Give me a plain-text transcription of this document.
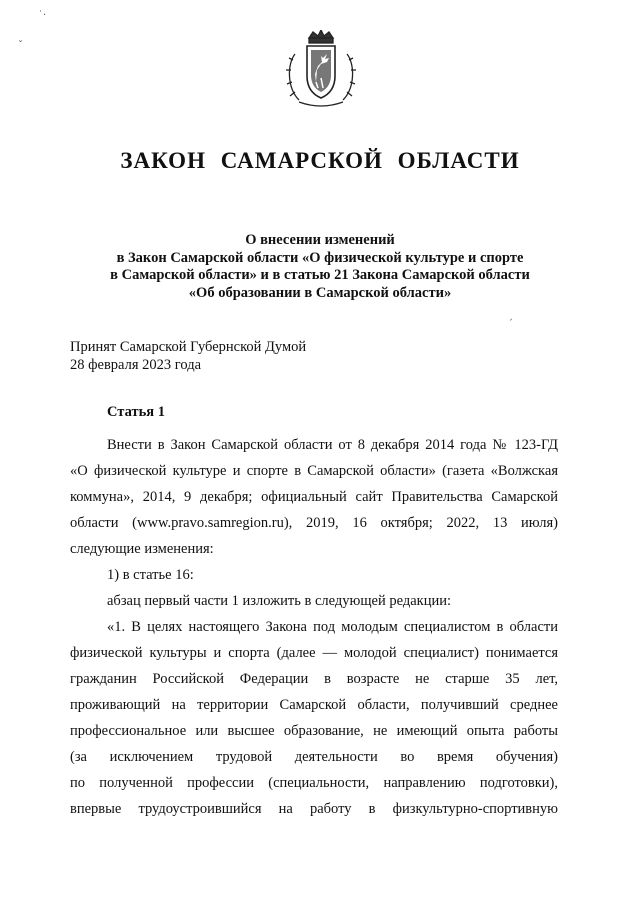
ЗАКОН САМАРСКОЙ ОБЛАСТИ
О внесении изменений
в Закон Самарской области «О физической культуре и спорте
в Самарской области» и в статью 21 Закона Самарской области
«Об образовании в Самарской области»
Принят Самарской Губернской Думой
28 февраля 2023 года
Статья 1

Внести в Закон Самарской области от 8 декабря 2014 года № 123-ГД
«О физической культуре и спорте в Самарской области» (газета «Волжская
коммуна», 2014, 9 декабря; официальный сайт Правительства Самарской
области (www.pravo.samregion.ru), 2019, 16 октября; 2022, 13 июля)
следующие изменения:

1) в статье 16:

абзац первый части 1 изложить в следующей редакции:

«1. В целях настоящего Закона под молодым специалистом в области
физической культуры и спорта (далее — молодой специалист) понимается
гражданин Российской Федерации в возрасте не старше 35 лет,
проживающий на территории Самарской области, получивший среднее
профессиональное или высшее образование, не имеющий опыта работы
(за исключением трудовой деятельности во время обучения)
по полученной профессии (специальности, направлению подготовки),
впервые трудоустроившийся на работу в физкультурно-спортивную

˙·
ˇ
ˏ
